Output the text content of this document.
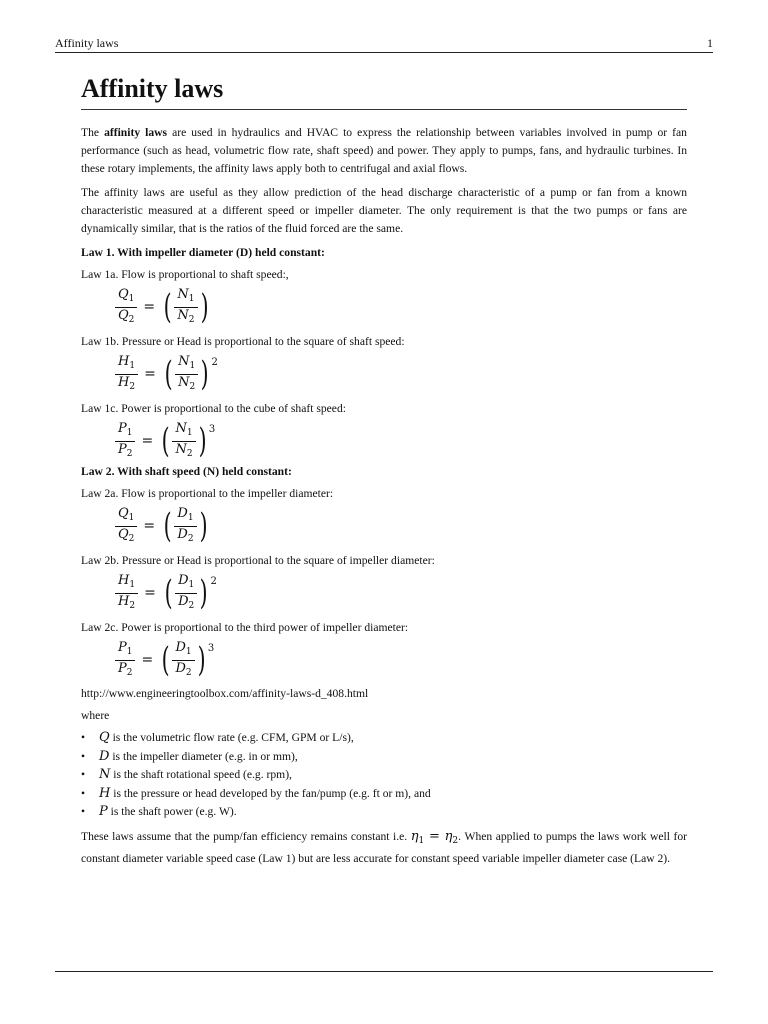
Affinity laws	1
Affinity laws

The affinity laws are used in hydraulics and HVAC to express the relationship between variables involved in pump or fan performance (such as head, volumetric flow rate, shaft speed) and power. They apply to pumps, fans, and hydraulic turbines. In these rotary implements, the affinity laws apply both to centrifugal and axial flows.

The affinity laws are useful as they allow prediction of the head discharge characteristic of a pump or fan from a known characteristic measured at a different speed or impeller diameter. The only requirement is that the two pumps or fans are dynamically similar, that is the ratios of the fluid forced are the same.

Law 1. With impeller diameter (D) held constant:

Law 1a. Flow is proportional to shaft speed:,

$\frac{Q_1}{Q_2}$ = ( $\frac{N_1}{N_2}$ )

Law 1b. Pressure or Head is proportional to the square of shaft speed:

$\frac{H_1}{H_2}$ = ( $\frac{N_1}{N_2}$ ) 2

Law 1c. Power is proportional to the cube of shaft speed:

$\frac{P_1}{P_2}$ = ( $\frac{N_1}{N_2}$ ) 3

Law 2. With shaft speed (N) held constant:

Law 2a. Flow is proportional to the impeller diameter:

$\frac{Q_1}{Q_2}$ = ( $\frac{D_1}{D_2}$ )

Law 2b. Pressure or Head is proportional to the square of impeller diameter:

$\frac{H_1}{H_2}$ = ( $\frac{D_1}{D_2}$ ) 2

Law 2c. Power is proportional to the third power of impeller diameter:

$\frac{P_1}{P_2}$ = ( $\frac{D_1}{D_2}$ ) 3

http://www.engineeringtoolbox.com/affinity-laws-d_408.html

where

• Q is the volumetric flow rate (e.g. CFM, GPM or L/s),
• D is the impeller diameter (e.g. in or mm),
• N is the shaft rotational speed (e.g. rpm),
• H is the pressure or head developed by the fan/pump (e.g. ft or m), and
• P is the shaft power (e.g. W).

These laws assume that the pump/fan efficiency remains constant i.e. $\eta_1 = \eta_2$. When applied to pumps the laws work well for constant diameter variable speed case (Law 1) but are less accurate for constant speed variable impeller diameter case (Law 2).
